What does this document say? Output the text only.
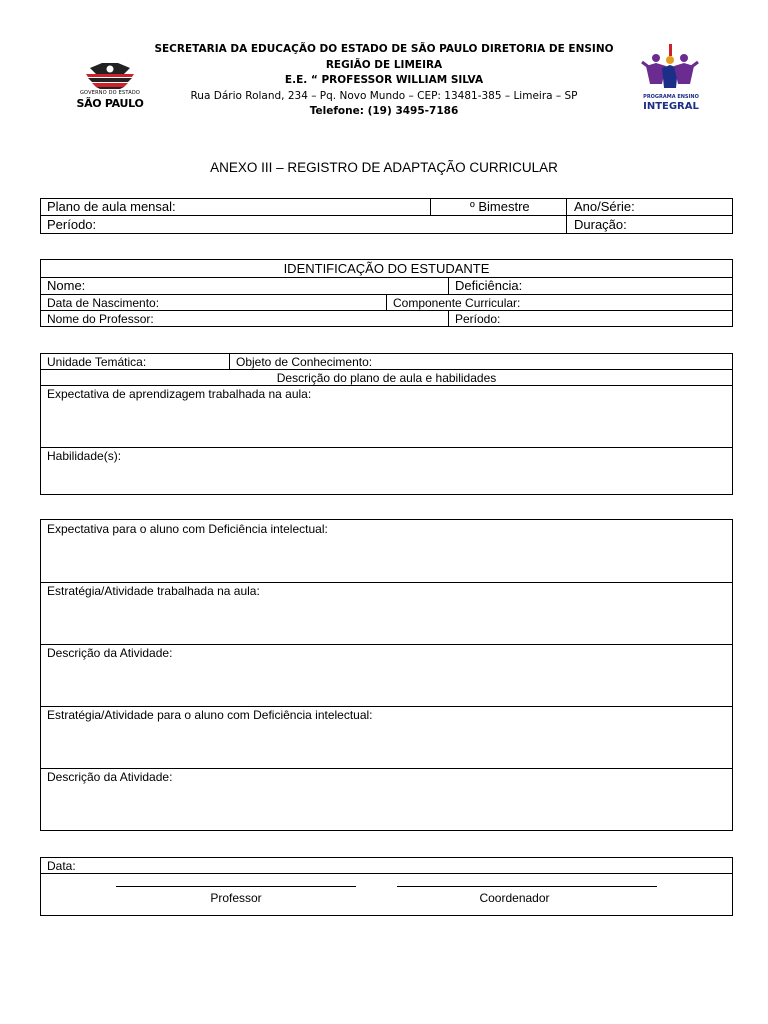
GOVERNO DO ESTADO
SÃO PAULO
SECRETARIA DA EDUCAÇÃO DO ESTADO DE SÃO PAULO DIRETORIA DE ENSINO
REGIÃO DE LIMEIRA
E.E. “ PROFESSOR WILLIAM SILVA
Rua Dário Roland, 234 – Pq. Novo Mundo – CEP: 13481-385 – Limeira – SP
Telefone: (19) 3495-7186
PROGRAMA ENSINO
INTEGRAL
ANEXO III – REGISTRO DE ADAPTAÇÃO CURRICULAR
Plano de aula mensal:	º Bimestre	Ano/Série:
Período:	Duração:
IDENTIFICAÇÃO DO ESTUDANTE
Nome:	Deficiência:
Data de Nascimento:	Componente Curricular:
Nome do Professor:	Período:
Unidade Temática:	Objeto de Conhecimento:
Descrição do plano de aula e habilidades
Expectativa de aprendizagem trabalhada na aula:
Habilidade(s):
Expectativa para o aluno com Deficiência intelectual:
Estratégia/Atividade trabalhada na aula:
Descrição da Atividade:
Estratégia/Atividade para o aluno com Deficiência intelectual:
Descrição da Atividade:
Data:
Professor	Coordenador
